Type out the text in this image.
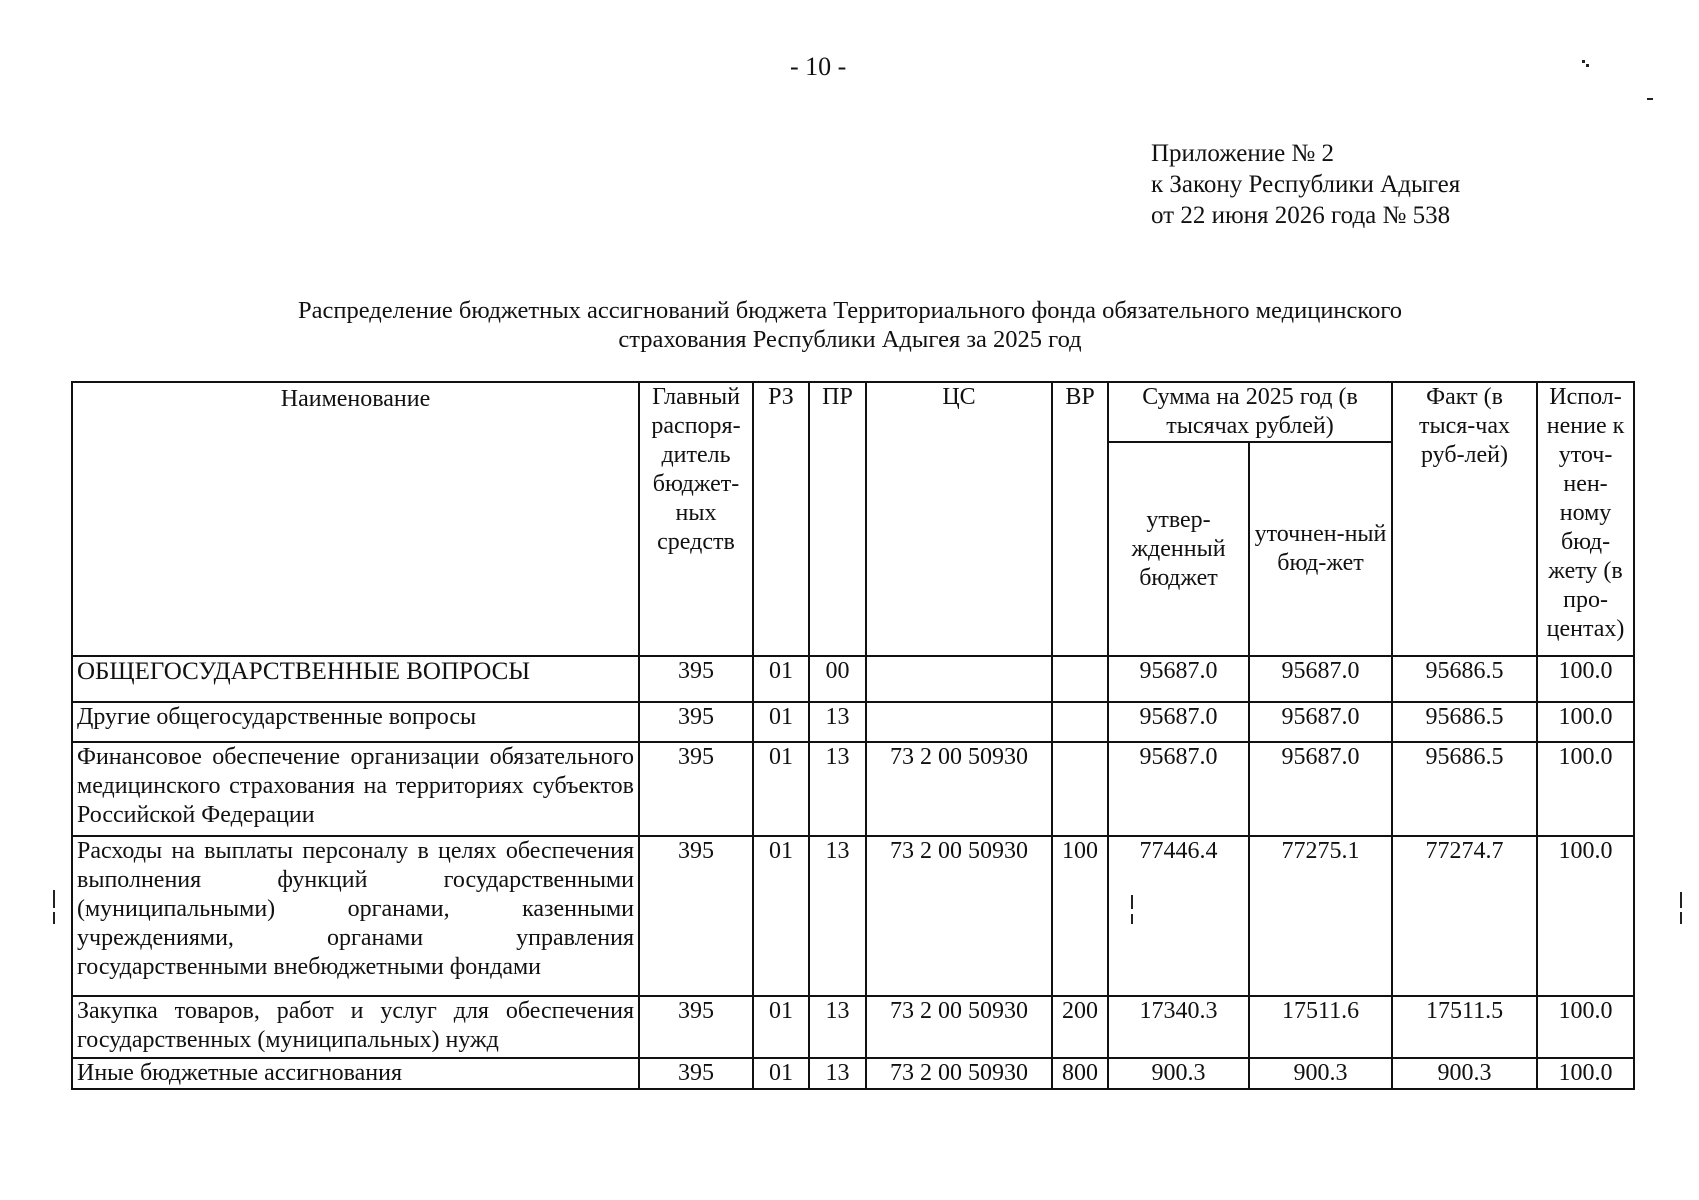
- 10 -
Приложение № 2
к Закону Республики Адыгея
от 22 июня 2026 года № 538
Распределение бюджетных ассигнований бюджета Территориального фонда обязательного медицинского
страхования Республики Адыгея за 2025 год
Наименование	Главный распоря-дитель бюджет-ных средств	РЗ	ПР	ЦС	ВР	Сумма на 2025 год (в тысячах рублей)		Факт (в тыся-чах руб-лей)	Испол-нение к уточ-нен-ному бюд-жету (в про-центах)
						утвер-жденный бюджет	уточнен-ный бюд-жет		
ОБЩЕГОСУДАРСТВЕННЫЕ ВОПРОСЫ	395	01	00			95687.0	95687.0	95686.5	100.0
Другие общегосударственные вопросы	395	01	13			95687.0	95687.0	95686.5	100.0
Финансовое обеспечение организации обязательного медицинского страхования на территориях субъектов Российской Федерации	395	01	13	73 2 00 50930		95687.0	95687.0	95686.5	100.0
Расходы на выплаты персоналу в целях обеспечения выполнения функций государственными (муниципальными) органами, казенными учреждениями, органами управления государственными внебюджетными фондами	395	01	13	73 2 00 50930	100	77446.4	77275.1	77274.7	100.0
Закупка товаров, работ и услуг для обеспечения государственных (муниципальных) нужд	395	01	13	73 2 00 50930	200	17340.3	17511.6	17511.5	100.0
Иные бюджетные ассигнования	395	01	13	73 2 00 50930	800	900.3	900.3	900.3	100.0
